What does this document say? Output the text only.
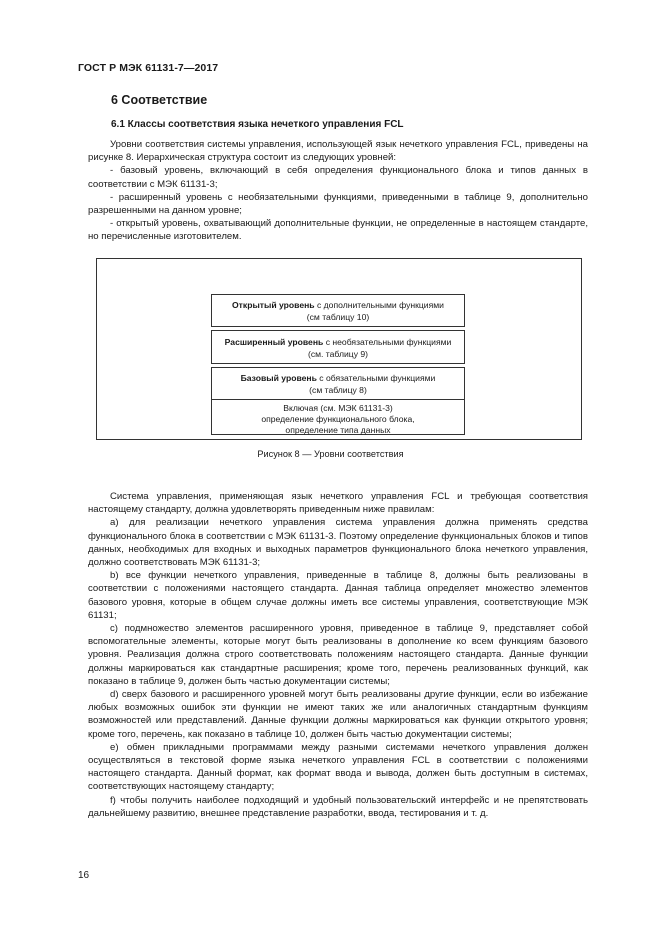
ГОСТ Р МЭК 61131-7—2017
6 Соответствие
6.1 Классы соответствия языка нечеткого управления FCL

Уровни соответствия системы управления, использующей язык нечеткого управления FCL, приведены на рисунке 8. Иерархическая структура состоит из следующих уровней:

- базовый уровень, включающий в себя определения функционального блока и типов данных в соответствии с МЭК 61131-3;

- расширенный уровень с необязательными функциями, приведенными в таблице 9, дополнительно разрешенными на данном уровне;

- открытый уровень, охватывающий дополнительные функции, не определенные в настоящем стандарте, но перечисленные изготовителем.

Открытый уровень с дополнительными функциями
(см таблицу 10)
Расширенный уровень с необязательными функциями
(см. таблицу 9)
Базовый уровень с обязательными функциями
(см таблицу 8)
Включая (см. МЭК 61131-3)
определение функционального блока,
определение типа данных
Рисунок 8 — Уровни соответствия

Система управления, применяющая язык нечеткого управления FCL и требующая соответствия настоящему стандарту, должна удовлетворять приведенным ниже правилам:

a) для реализации нечеткого управления система управления должна применять средства функционального блока в соответствии с МЭК 61131-3. Поэтому определение функциональных блоков и типов данных, необходимых для входных и выходных параметров функционального блока нечеткого управления, должно соответствовать МЭК 61131-3;

b) все функции нечеткого управления, приведенные в таблице 8, должны быть реализованы в соответствии с положениями настоящего стандарта. Данная таблица определяет множество элементов базового уровня, которые в общем случае должны иметь все системы управления, соответствующие МЭК 61131;

c) подмножество элементов расширенного уровня, приведенное в таблице 9, представляет собой вспомогательные элементы, которые могут быть реализованы в дополнение ко всем функциям базового уровня. Реализация должна строго соответствовать положениям настоящего стандарта. Данные функции должны маркироваться как стандартные расширения; кроме того, перечень реализованных функций, как показано в таблице 9, должен быть частью документации системы;

d) сверх базового и расширенного уровней могут быть реализованы другие функции, если во избежание любых возможных ошибок эти функции не имеют таких же или аналогичных стандартным функциям возможностей или представлений. Данные функции должны маркироваться как функции открытого уровня; кроме того, перечень, как показано в таблице 10, должен быть частью документации системы;

e) обмен прикладными программами между разными системами нечеткого управления должен осуществляться в текстовой форме языка нечеткого управления FCL в соответствии с положениями настоящего стандарта. Данный формат, как формат ввода и вывода, должен быть доступным в системах, соответствующих настоящему стандарту;

f) чтобы получить наиболее подходящий и удобный пользовательский интерфейс и не препятствовать дальнейшему развитию, внешнее представление разработки, ввода, тестирования и т. д.

16
